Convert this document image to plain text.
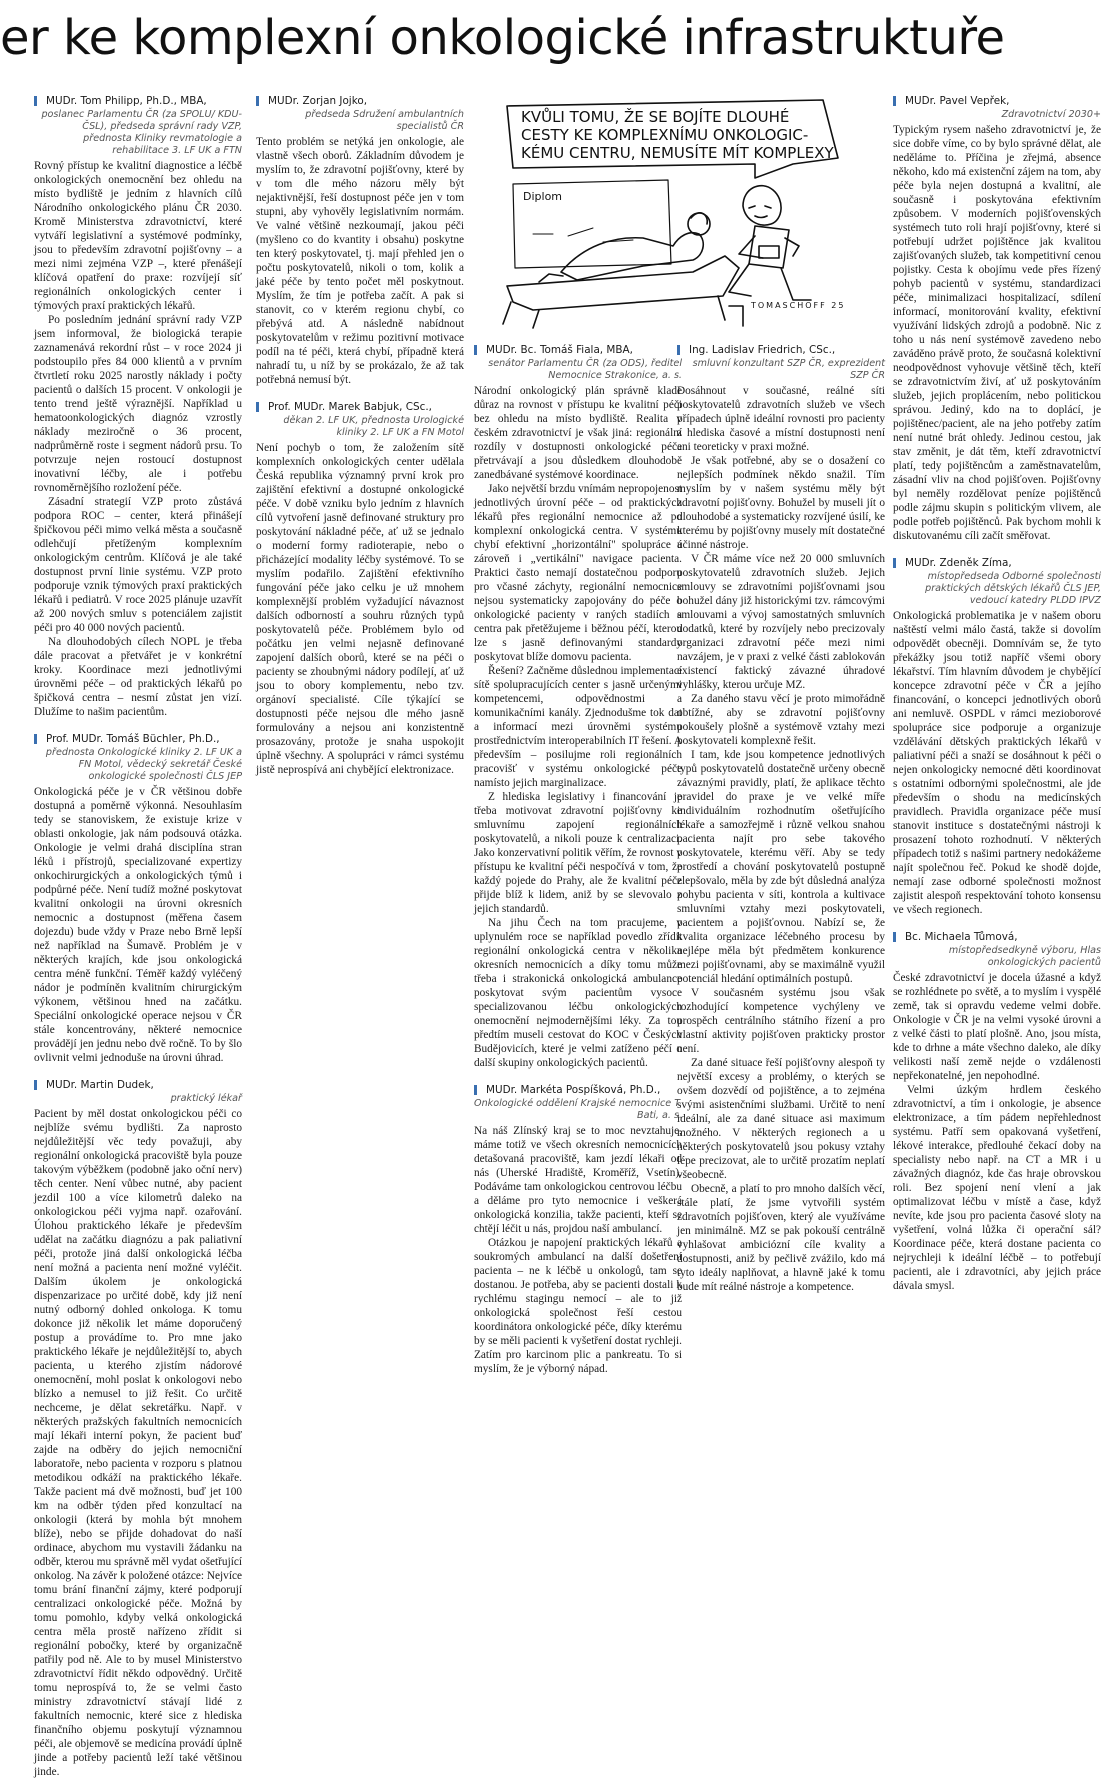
er ke komplexní onkologické infrastruktuře
KVŮLI TOMU, ŽE SE BOJÍTE DLOUHÉ
CESTY KE KOMPLEXNÍMU ONKOLOGIC-
KÉMU CENTRU, NEMUSÍTE MÍT KOMPLEXY
Diplom
TOMASCHOFF 25
MUDr. Tom Philipp, Ph.D., MBA,
poslanec Parlamentu ČR (za SPOLU/ KDU-ČSL), předseda správní rady VZP, přednosta Kliniky revmatologie a rehabilitace 3. LF UK a FTN

Rovný přístup ke kvalitní diagnostice a léčbě onkologických onemocnění bez ohledu na místo bydliště je jedním z hlavních cílů Národního onkologického plánu ČR 2030. Kromě Ministerstva zdravotnictví, které vytváří legislativní a systémové podmínky, jsou to především zdravotní pojišťovny – a mezi nimi zejména VZP –, které přenášejí klíčová opatření do praxe: rozvíjejí síť regionálních onkologických center i týmových praxí praktických lékařů.

Po posledním jednání správní rady VZP jsem informoval, že biologická terapie zaznamenává rekordní růst – v roce 2024 ji podstoupilo přes 84 000 klientů a v prvním čtvrtletí roku 2025 narostly náklady i počty pacientů o dalších 15 procent. V onkologii je tento trend ještě výraznější. Například u hematoonkologických diagnóz vzrostly náklady meziročně o 36 procent, nadprůměrně roste i segment nádorů prsu. To potvrzuje nejen rostoucí dostupnost inovativní léčby, ale i potřebu rovnoměrnějšího rozložení péče.

Zásadní strategií VZP proto zůstává podpora ROC – center, která přinášejí špičkovou péči mimo velká města a současně odlehčují přetíženým komplexním onkologickým centrům. Klíčová je ale také dostupnost první linie systému. VZP proto podporuje vznik týmových praxí praktických lékařů i pediatrů. V roce 2025 plánuje uzavřít až 200 nových smluv s potenciálem zajistit péči pro 40 000 nových pacientů.

Na dlouhodobých cílech NOPL je třeba dále pracovat a přetvářet je v konkrétní kroky. Koordinace mezi jednotlivými úrovněmi péče – od praktických lékařů po špičková centra – nesmí zůstat jen vizí. Dlužíme to našim pacientům.

Prof. MUDr. Tomáš Büchler, Ph.D.,
přednosta Onkologické kliniky 2. LF UK a FN Motol, vědecký sekretář České onkologické společnosti ČLS JEP

Onkologická péče je v ČR většinou dobře dostupná a poměrně výkonná. Nesouhlasím tedy se stanoviskem, že existuje krize v oblasti onkologie, jak nám podsouvá otázka. Onkologie je velmi drahá disciplína stran léků i přístrojů, specializované expertizy onkochirurgických a onkologických týmů i podpůrné péče. Není tudíž možné poskytovat kvalitní onkologii na úrovni okresních nemocnic a dostupnost (měřena časem dojezdu) bude vždy v Praze nebo Brně lepší než například na Šumavě. Problém je v některých krajích, kde jsou onkologická centra méně funkční. Téměř každý vyléčený nádor je podmíněn kvalitním chirurgickým výkonem, většinou hned na začátku. Speciální onkologické operace nejsou v ČR stále koncentrovány, některé nemocnice provádějí jen jednu nebo dvě ročně. To by šlo ovlivnit velmi jednoduše na úrovni úhrad.

MUDr. Martin Dudek,
praktický lékař

Pacient by měl dostat onkologickou péči co nejblíže svému bydlišti. Za naprosto nejdůležitější věc tedy považuji, aby regionální onkologická pracoviště byla pouze takovým výběžkem (podobně jako oční nerv) těch center. Není vůbec nutné, aby pacient jezdil 100 a více kilometrů daleko na onkologickou péči vyjma např. ozařování. Úlohou praktického lékaře je především udělat na začátku diagnózu a pak paliativní péči, protože jiná další onkologická léčba není možná a pacienta není možné vyléčit. Dalším úkolem je onkologická dispenzarizace po určité době, kdy již není nutný odborný dohled onkologa. K tomu dokonce již několik let máme doporučený postup a provádíme to. Pro mne jako praktického lékaře je nejdůležitější to, abych pacienta, u kterého zjistím nádorové onemocnění, mohl poslat k onkologovi nebo blízko a nemusel to již řešit. Co určitě nechceme, je dělat sekretářku. Např. v některých pražských fakultních nemocnicích mají lékaři interní pokyn, že pacient buď zajde na odběry do jejich nemocniční laboratoře, nebo pacienta v rozporu s platnou metodikou odkáží na praktického lékaře. Takže pacient má dvě možnosti, buď jet 100 km na odběr týden před konzultací na onkologii (která by mohla být mnohem blíže), nebo se přijde dohadovat do naší ordinace, abychom mu vystavili žádanku na odběr, kterou mu správně měl vydat ošetřující onkolog. Na závěr k položené otázce: Nejvíce tomu brání finanční zájmy, které podporují centralizaci onkologické péče. Možná by tomu pomohlo, kdyby velká onkologická centra měla prostě nařízeno zřídit si regionální pobočky, které by organizačně patřily pod ně. Ale to by musel Ministerstvo zdravotnictví řídit někdo odpovědný. Určitě tomu neprospívá to, že se velmi často ministry zdravotnictví stávají lidé z fakultních nemocnic, které sice z hlediska finančního objemu poskytují významnou péči, ale objemově se medicína provádí úplně jinde a potřeby pacientů leží také většinou jinde.

MUDr. Zorjan Jojko,
předseda Sdružení ambulantních specialistů ČR

Tento problém se netýká jen onkologie, ale vlastně všech oborů. Základním důvodem je myslím to, že zdravotní pojišťovny, které by v tom dle mého názoru měly být nejaktivnější, řeší dostupnost péče jen v tom stupni, aby vyhověly legislativním normám. Ve valné většině nezkoumají, jakou péči (myšleno co do kvantity i obsahu) poskytne ten který poskytovatel, tj. mají přehled jen o počtu poskytovatelů, nikoli o tom, kolik a jaké péče by tento počet měl poskytnout. Myslím, že tím je potřeba začít. A pak si stanovit, co v kterém regionu chybí, co přebývá atd. A následně nabídnout poskytovatelům v režimu pozitivní motivace podíl na té péči, která chybí, případně která nahradí tu, u níž by se prokázalo, že až tak potřebná nemusí být.

Prof. MUDr. Marek Babjuk, CSc.,
děkan 2. LF UK, přednosta Urologické kliniky 2. LF UK a FN Motol

Není pochyb o tom, že založením sítě komplexních onkologických center udělala Česká republika významný první krok pro zajištění efektivní a dostupné onkologické péče. V době vzniku bylo jedním z hlavních cílů vytvoření jasně definované struktury pro poskytování nákladné péče, ať už se jednalo o moderní formy radioterapie, nebo o přicházející modality léčby systémové. To se myslím podařilo. Zajištění efektivního fungování péče jako celku je už mnohem komplexnější problém vyžadující návaznost dalších odborností a souhru různých typů poskytovatelů péče. Problémem bylo od počátku jen velmi nejasně definované zapojení dalších oborů, které se na péči o pacienty se zhoubnými nádory podílejí, ať už jsou to obory komplementu, nebo tzv. orgánoví specialisté. Cíle týkající se dostupnosti péče nejsou dle mého jasně formulovány a nejsou ani konzistentně prosazovány, protože je snaha uspokojit úplně všechny. A spolupráci v rámci systému jistě neprospívá ani chybějící elektronizace.

MUDr. Bc. Tomáš Fiala, MBA,
senátor Parlamentu ČR (za ODS), ředitel Nemocnice Strakonice, a. s.

Národní onkologický plán správně klade důraz na rovnost v přístupu ke kvalitní péči bez ohledu na místo bydliště. Realita v českém zdravotnictví je však jiná: regionální rozdíly v dostupnosti onkologické péče přetrvávají a jsou důsledkem dlouhodobě zanedbávané systémové koordinace.

Jako největší brzdu vnímám nepropojenost jednotlivých úrovní péče – od praktických lékařů přes regionální nemocnice až po komplexní onkologická centra. V systému chybí efektivní „horizontální" spolupráce a zároveň i „vertikální" navigace pacienta. Praktici často nemají dostatečnou podporu pro včasné záchyty, regionální nemocnice nejsou systematicky zapojovány do péče o onkologické pacienty v raných stadiích a centra pak přetěžujeme i běžnou péčí, kterou lze s jasně definovanými standardy poskytovat blíže domovu pacienta.

Řešení? Začněme důslednou implementací sítě spolupracujících center s jasně určenými kompetencemi, odpovědnostmi a komunikačními kanály. Zjednodušme tok dat a informací mezi úrovněmi systému prostřednictvím interoperabilních IT řešení. A především – posilujme roli regionálních pracovišť v systému onkologické péče namísto jejich marginalizace.

Z hlediska legislativy i financování je třeba motivovat zdravotní pojišťovny ke smluvnímu zapojení regionálních poskytovatelů, a nikoli pouze k centralizaci. Jako konzervativní politik věřím, že rovnost v přístupu ke kvalitní péči nespočívá v tom, že každý pojede do Prahy, ale že kvalitní péče přijde blíž k lidem, aniž by se slevovalo z jejich standardů.

Na jihu Čech na tom pracujeme, v uplynulém roce se například povedlo zřídit regionální onkologická centra v několika okresních nemocnicích a díky tomu může třeba i strakonická onkologická ambulance poskytovat svým pacientům vysoce specializovanou léčbu onkologických onemocnění nejmodernějšími léky. Za tou předtím museli cestovat do KOC v Českých Budějovicích, které je velmi zatíženo péčí o další skupiny onkologických pacientů.

MUDr. Markéta Pospíšková, Ph.D.,
Onkologické oddělení Krajské nemocnice T. Bati, a. s.

Na náš Zlínský kraj se to moc nevztahuje, máme totiž ve všech okresních nemocnicích detašovaná pracoviště, kam jezdí lékaři od nás (Uherské Hradiště, Kroměříž, Vsetín). Podáváme tam onkologickou centrovou léčbu a děláme pro tyto nemocnice i veškerá onkologická konzilia, takže pacienti, kteří se chtějí léčit u nás, projdou naší ambulancí.

Otázkou je napojení praktických lékařů a soukromých ambulancí na další došetření pacienta – ne k léčbě u onkologů, tam se dostanou. Je potřeba, aby se pacienti dostali k rychlému stagingu nemocí – ale to již onkologická společnost řeší cestou koordinátora onkologické péče, díky kterému by se měli pacienti k vyšetření dostat rychleji. Zatím pro karcinom plic a pankreatu. To si myslím, že je výborný nápad.

Ing. Ladislav Friedrich, CSc.,
smluvní konzultant SZP ČR, exprezident SZP ČR

Dosáhnout v současné, reálné síti poskytovatelů zdravotních služeb ve všech případech úplně ideální rovnosti pro pacienty z hlediska časové a místní dostupnosti není ani teoreticky v praxi možné.

Je však potřebné, aby se o dosažení co nejlepších podmínek někdo snažil. Tím myslím by v našem systému měly být zdravotní pojišťovny. Bohužel by museli jít o dlouhodobé a systematicky rozvíjené úsilí, ke kterému by pojišťovny musely mít dostatečné účinné nástroje.

V ČR máme více než 20 000 smluvních poskytovatelů zdravotních služeb. Jejich smlouvy se zdravotními pojišťovnami jsou bohužel dány již historickými tzv. rámcovými smlouvami a vývoj samostatných smluvních dodatků, které by rozvíjely nebo precizovaly organizaci zdravotní péče mezi nimi navzájem, je v praxi z velké části zablokován existencí faktický závazné úhradové vyhlášky, kterou určuje MZ.

Za daného stavu věcí je proto mimořádně obtížné, aby se zdravotní pojišťovny pokoušely plošně a systémově vztahy mezi poskytovateli komplexně řešit.

I tam, kde jsou kompetence jednotlivých typů poskytovatelů dostatečně určeny obecně závaznými pravidly, platí, že aplikace těchto pravidel do praxe je ve velké míře individuálním rozhodnutím ošetřujícího lékaře a samozřejmě i různě velkou snahou pacienta najít pro sebe takového poskytovatele, kterému věří. Aby se tedy prostředí a chování poskytovatelů postupně zlepšovalo, měla by zde být důsledná analýza pohybu pacienta v síti, kontrola a kultivace smluvními vztahy mezi poskytovateli, pacientem a pojišťovnou. Nabízí se, že kvalita organizace léčebného procesu by nejlépe měla být předmětem konkurence mezi pojišťovnami, aby se maximálně využil potenciál hledání optimálních postupů.

V současném systému jsou však rozhodující kompetence vychýleny ve prospěch centrálního státního řízení a pro vlastní aktivity pojišťoven prakticky prostor není.

Za dané situace řeší pojišťovny alespoň ty největší excesy a problémy, o kterých se ovšem dozvědí od pojištěnce, a to zejména svými asistenčními službami. Určitě to není ideální, ale za dané situace asi maximum možného. V některých regionech a u některých poskytovatelů jsou pokusy vztahy lépe precizovat, ale to určitě prozatím neplatí všeobecně.

Obecně, a platí to pro mnoho dalších věcí, stále platí, že jsme vytvořili systém zdravotních pojišťoven, který ale využíváme jen minimálně. MZ se pak pokouší centrálně vyhlašovat ambiciózní cíle kvality a dostupnosti, aniž by pečlivě zvážilo, kdo má tyto ideály naplňovat, a hlavně jaké k tomu bude mít reálné nástroje a kompetence.

MUDr. Pavel Vepřek,
Zdravotnictví 2030+

Typickým rysem našeho zdravotnictví je, že sice dobře víme, co by bylo správné dělat, ale neděláme to. Příčina je zřejmá, absence někoho, kdo má existenční zájem na tom, aby péče byla nejen dostupná a kvalitní, ale současně i poskytována efektivním způsobem. V moderních pojišťovenských systémech tuto roli hrají pojišťovny, které si potřebují udržet pojištěnce jak kvalitou zajišťovaných služeb, tak kompetitivní cenou pojistky. Cesta k obojímu vede přes řízený pohyb pacientů v systému, standardizaci péče, minimalizaci hospitalizací, sdílení informací, monitorování kvality, efektivní využívání lidských zdrojů a podobně. Nic z toho u nás není systémově zavedeno nebo zaváděno právě proto, že současná kolektivní neodpovědnost vyhovuje většině těch, kteří se zdravotnictvím živí, ať už poskytováním služeb, jejich proplácením, nebo politickou správou. Jediný, kdo na to doplácí, je pojištěnec/pacient, ale na jeho potřeby zatím není nutné brát ohledy. Jedinou cestou, jak stav změnit, je dát těm, kteří zdravotnictví platí, tedy pojištěncům a zaměstnavatelům, zásadní vliv na chod pojišťoven. Pojišťovny byl neměly rozdělovat peníze pojištěnců podle zájmu skupin s politickým vlivem, ale podle potřeb pojištěnců. Pak bychom mohli k diskutovanému cíli začít směřovat.

MUDr. Zdeněk Zíma,
místopředseda Odborné společnosti praktických dětských lékařů ČLS JEP, vedoucí katedry PLDD IPVZ

Onkologická problematika je v našem oboru naštěstí velmi málo častá, takže si dovolím odpovědět obecněji. Domnívám se, že tyto překážky jsou totiž napříč všemi obory lékařství. Tím hlavním důvodem je chybějící koncepce zdravotní péče v ČR a jejího financování, o koncepci jednotlivých oborů ani nemluvě. OSPDL v rámci mezioborové spolupráce sice podporuje a organizuje vzdělávání dětských praktických lékařů v paliativní péči a snaží se dosáhnout k péči o nejen onkologicky nemocné děti koordinovat s ostatními odbornými společnostmi, ale jde především o shodu na medicínských pravidlech. Pravidla organizace péče musí stanovit instituce s dostatečnými nástroji k prosazení tohoto rozhodnutí. V některých případech totiž s našimi partnery nedokážeme najít společnou řeč. Pokud ke shodě dojde, nemají zase odborné společnosti možnost zajistit alespoň respektování tohoto konsensu ve všech regionech.

Bc. Michaela Tůmová,
místopředsedkyně výboru, Hlas onkologických pacientů

České zdravotnictví je docela úžasné a když se rozhlédnete po světě, a to myslím i vyspělé země, tak si opravdu vedeme velmi dobře. Onkologie v ČR je na velmi vysoké úrovni a z velké části to platí plošně. Ano, jsou místa, kde to drhne a máte všechno daleko, ale díky velikosti naší země nejde o vzdálenosti nepřekonatelné, jen nepohodlné.

Velmi úzkým hrdlem českého zdravotnictví, a tím i onkologie, je absence elektronizace, a tím pádem nepřehlednost systému. Patří sem opakovaná vyšetření, lékové interakce, předlouhé čekací doby na specialisty nebo např. na CT a MR i u závažných diagnóz, kde čas hraje obrovskou roli. Bez spojení není vlení a jak optimalizovat léčbu v místě a čase, když nevíte, kde jsou pro pacienta časové sloty na vyšetření, volná lůžka či operační sál? Koordinace péče, která dostane pacienta co nejrychleji k ideální léčbě – to potřebují pacienti, ale i zdravotníci, aby jejich práce dávala smysl.
